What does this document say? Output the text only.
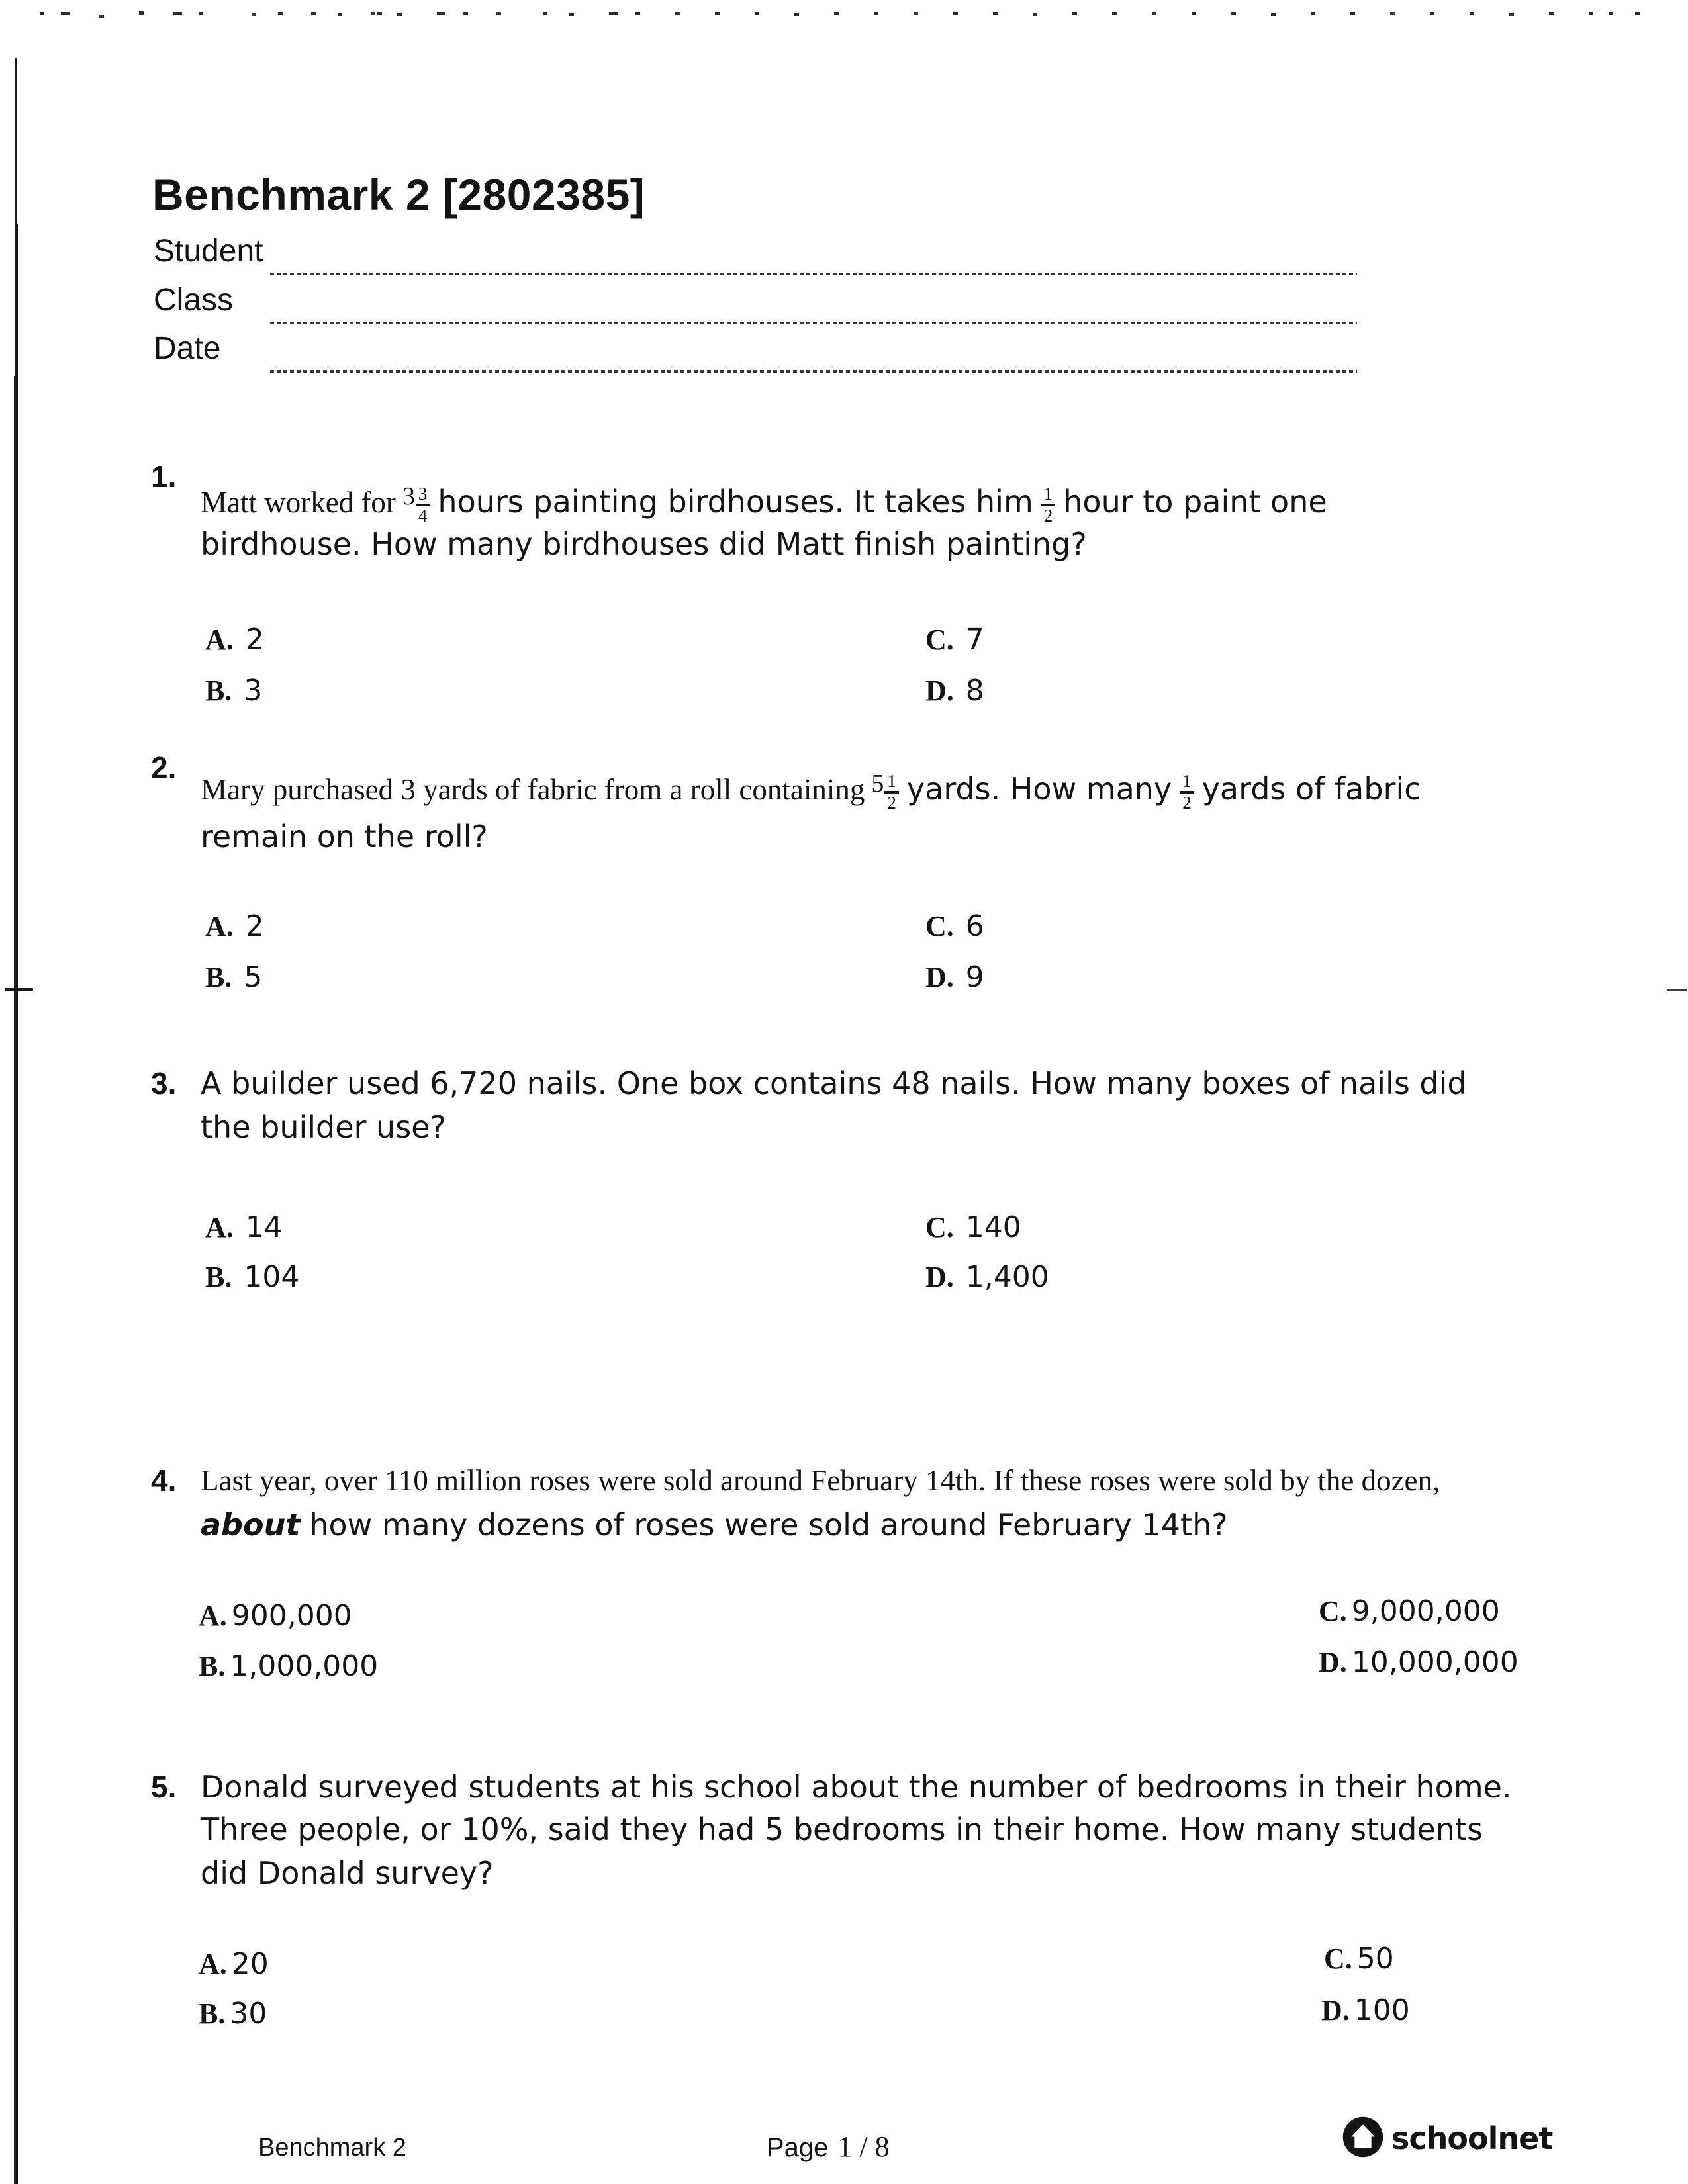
Benchmark 2 [2802385]
Student
Class
Date
1.
Matt worked for $3 \frac{3}{4}$ hours painting birdhouses. It takes him $\frac{1}{2}$ hour to paint one
birdhouse. How many birdhouses did Matt finish painting?
A. 2	C. 7
B. 3	D. 8
2.
Mary purchased 3 yards of fabric from a roll containing $5 \frac{1}{2}$ yards. How many $\frac{1}{2}$ yards of fabric
remain on the roll?
A. 2	C. 6
B. 5	D. 9
3. A builder used 6,720 nails. One box contains 48 nails. How many boxes of nails did
the builder use?
A. 14	C. 140
B. 104	D. 1,400
4. Last year, over 110 million roses were sold around February 14th. If these roses were sold by the dozen,
about how many dozens of roses were sold around February 14th?
A. 900,000	C. 9,000,000
B. 1,000,000	D. 10,000,000
5. Donald surveyed students at his school about the number of bedrooms in their home.
Three people, or 10%, said they had 5 bedrooms in their home. How many students
did Donald survey?
A. 20	C. 50
B. 30	D. 100
Benchmark 2	Page 1 / 8	schoolnet
